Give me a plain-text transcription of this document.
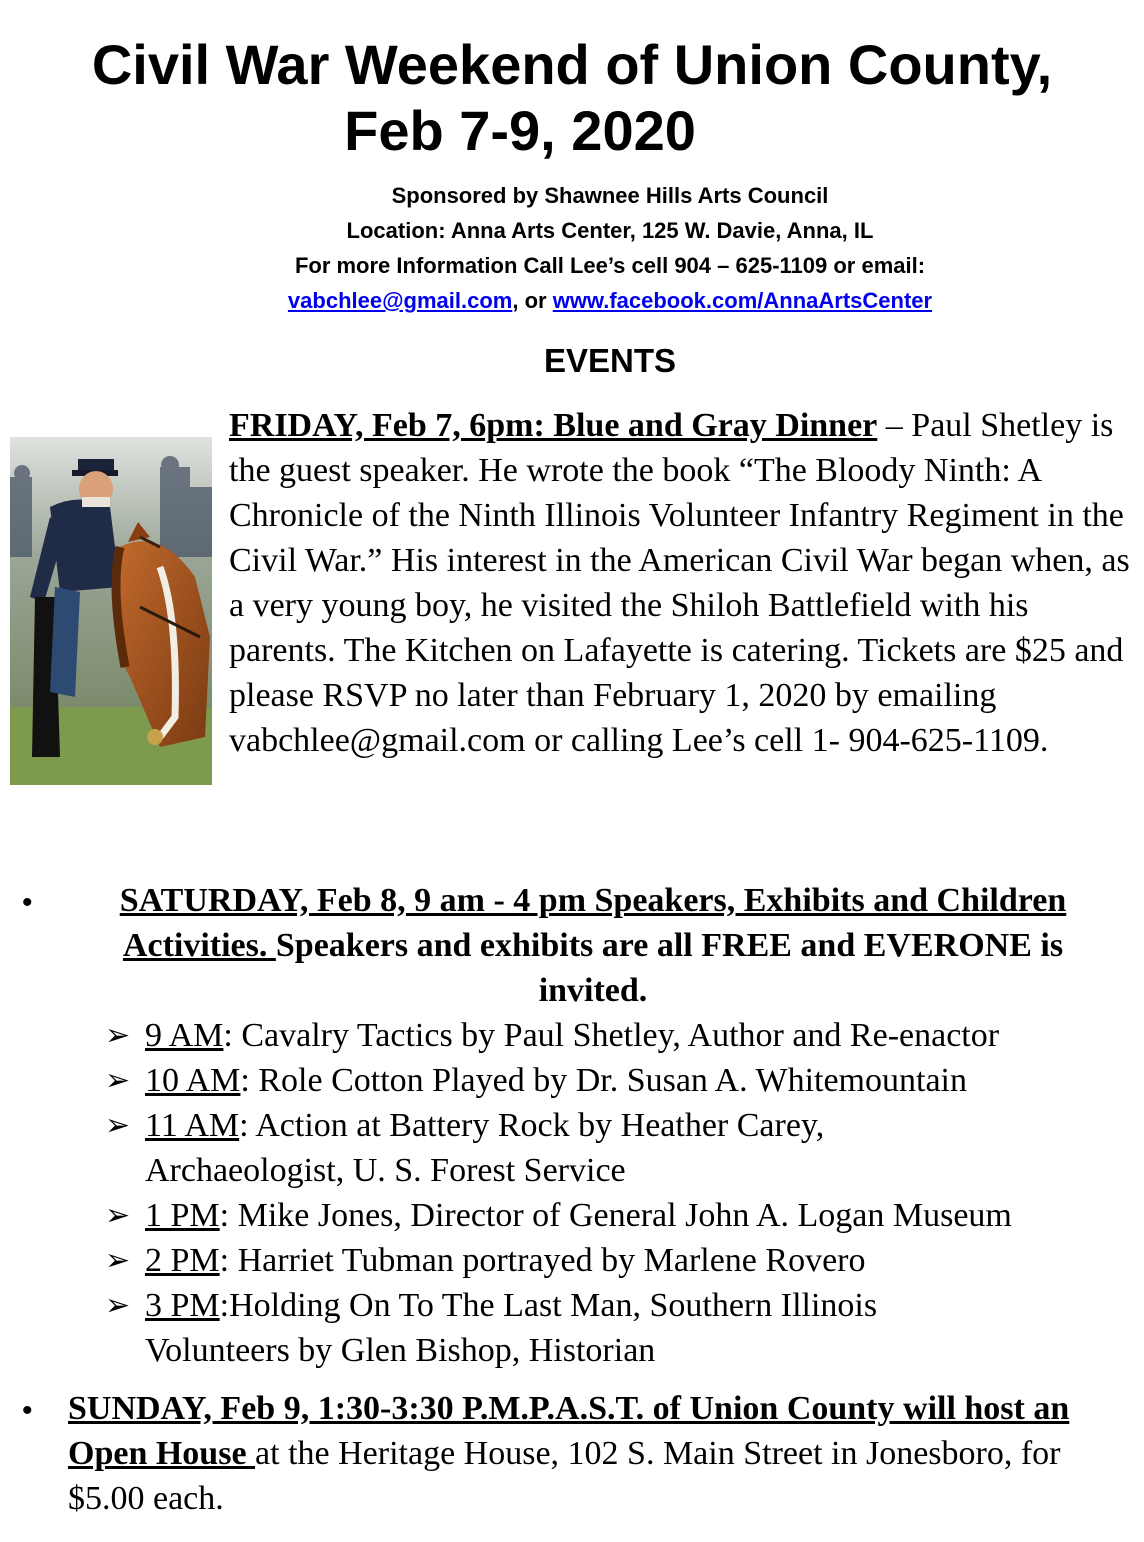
Civil War Weekend of Union County,
Feb 7-9, 2020
Sponsored by Shawnee Hills Arts Council
Location: Anna Arts Center, 125 W. Davie, Anna, IL
For more Information Call Lee’s cell 904 – 625-1109 or email:
vabchlee@gmail.com, or www.facebook.com/AnnaArtsCenter
EVENTS
FRIDAY, Feb 7, 6pm: Blue and Gray Dinner – Paul Shetley is the guest speaker. He wrote the book “The Bloody Ninth: A Chronicle of the Ninth Illinois Volunteer Infantry Regiment in the Civil War.” His interest in the American Civil War began when, as a very young boy, he visited the Shiloh Battlefield with his parents. The Kitchen on Lafayette is catering. Tickets are $25 and please RSVP no later than February 1, 2020 by emailing vabchlee@gmail.com or calling Lee’s cell 1- 904-625-1109.
•	SATURDAY, Feb 8, 9 am - 4 pm Speakers, Exhibits and Children Activities. Speakers and exhibits are all FREE and EVERONE is invited.
➢ 9 AM: Cavalry Tactics by Paul Shetley, Author and Re-enactor
➢ 10 AM: Role Cotton Played by Dr. Susan A. Whitemountain
➢ 11 AM: Action at Battery Rock by Heather Carey, Archaeologist, U. S. Forest Service
➢ 1 PM: Mike Jones, Director of General John A. Logan Museum
➢ 2 PM: Harriet Tubman portrayed by Marlene Rovero
➢ 3 PM:Holding On To The Last Man, Southern Illinois Volunteers by Glen Bishop, Historian
• SUNDAY, Feb 9, 1:30-3:30 P.M.P.A.S.T. of Union County will host an Open House at the Heritage House, 102 S. Main Street in Jonesboro, for $5.00 each.
